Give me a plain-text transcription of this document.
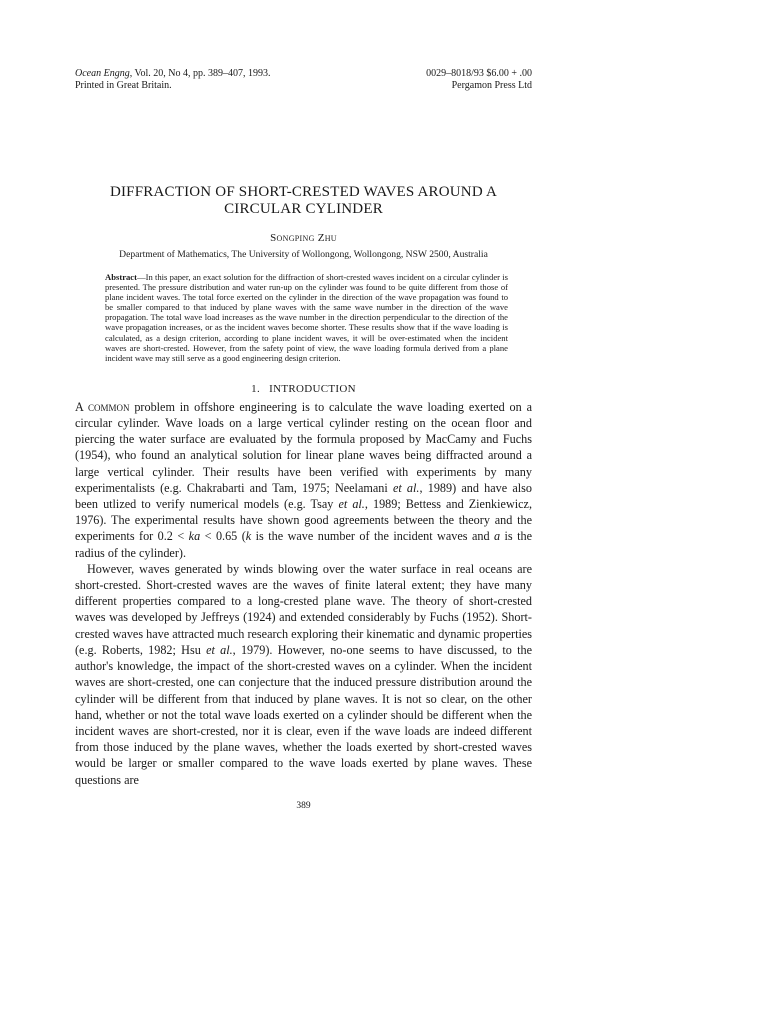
Ocean Engng, Vol. 20, No 4, pp. 389–407, 1993.
Printed in Great Britain.
0029–8018/93 $6.00 + .00
Pergamon Press Ltd
DIFFRACTION OF SHORT-CRESTED WAVES AROUND A
CIRCULAR CYLINDER
Songping Zhu
Department of Mathematics, The University of Wollongong, Wollongong, NSW 2500, Australia
Abstract—In this paper, an exact solution for the diffraction of short-crested waves incident on a circular cylinder is presented. The pressure distribution and water run-up on the cylinder was found to be quite different from those of plane incident waves. The total force exerted on the cylinder in the direction of the wave propagation was found to be smaller compared to that induced by plane waves with the same wave number in the direction of the wave propagation. The total wave load increases as the wave number in the direction perpendicular to the direction of the wave propagation increases, or as the incident waves become shorter. These results show that if the wave loading is calculated, as a design criterion, according to plane incident waves, it will be over-estimated when the incident waves are short-crested. However, from the safety point of view, the wave loading formula derived from a plane incident wave may still serve as a good engineering design criterion.
1. INTRODUCTION

A common problem in offshore engineering is to calculate the wave loading exerted on a circular cylinder. Wave loads on a large vertical cylinder resting on the ocean floor and piercing the water surface are evaluated by the formula proposed by MacCamy and Fuchs (1954), who found an analytical solution for linear plane waves being diffracted around a large vertical cylinder. Their results have been verified with experiments by many experimentalists (e.g. Chakrabarti and Tam, 1975; Neelamani et al., 1989) and have also been utlized to verify numerical models (e.g. Tsay et al., 1989; Bettess and Zienkiewicz, 1976). The experimental results have shown good agreements between the theory and the experiments for 0.2 < ka < 0.65 (k is the wave number of the incident waves and a is the radius of the cylinder).

However, waves generated by winds blowing over the water surface in real oceans are short-crested. Short-crested waves are the waves of finite lateral extent; they have many different properties compared to a long-crested plane wave. The theory of short-crested waves was developed by Jeffreys (1924) and extended considerably by Fuchs (1952). Short-crested waves have attracted much research exploring their kinematic and dynamic properties (e.g. Roberts, 1982; Hsu et al., 1979). However, no-one seems to have discussed, to the author's knowledge, the impact of the short-crested waves on a cylinder. When the incident waves are short-crested, one can conjecture that the induced pressure distribution around the cylinder will be different from that induced by plane waves. It is not so clear, on the other hand, whether or not the total wave loads exerted on a cylinder should be different when the incident waves are short-crested, nor it is clear, even if the wave loads are indeed different from those induced by the plane waves, whether the loads exerted by short-crested waves would be larger or smaller compared to the wave loads exerted by plane waves. These questions are

389
